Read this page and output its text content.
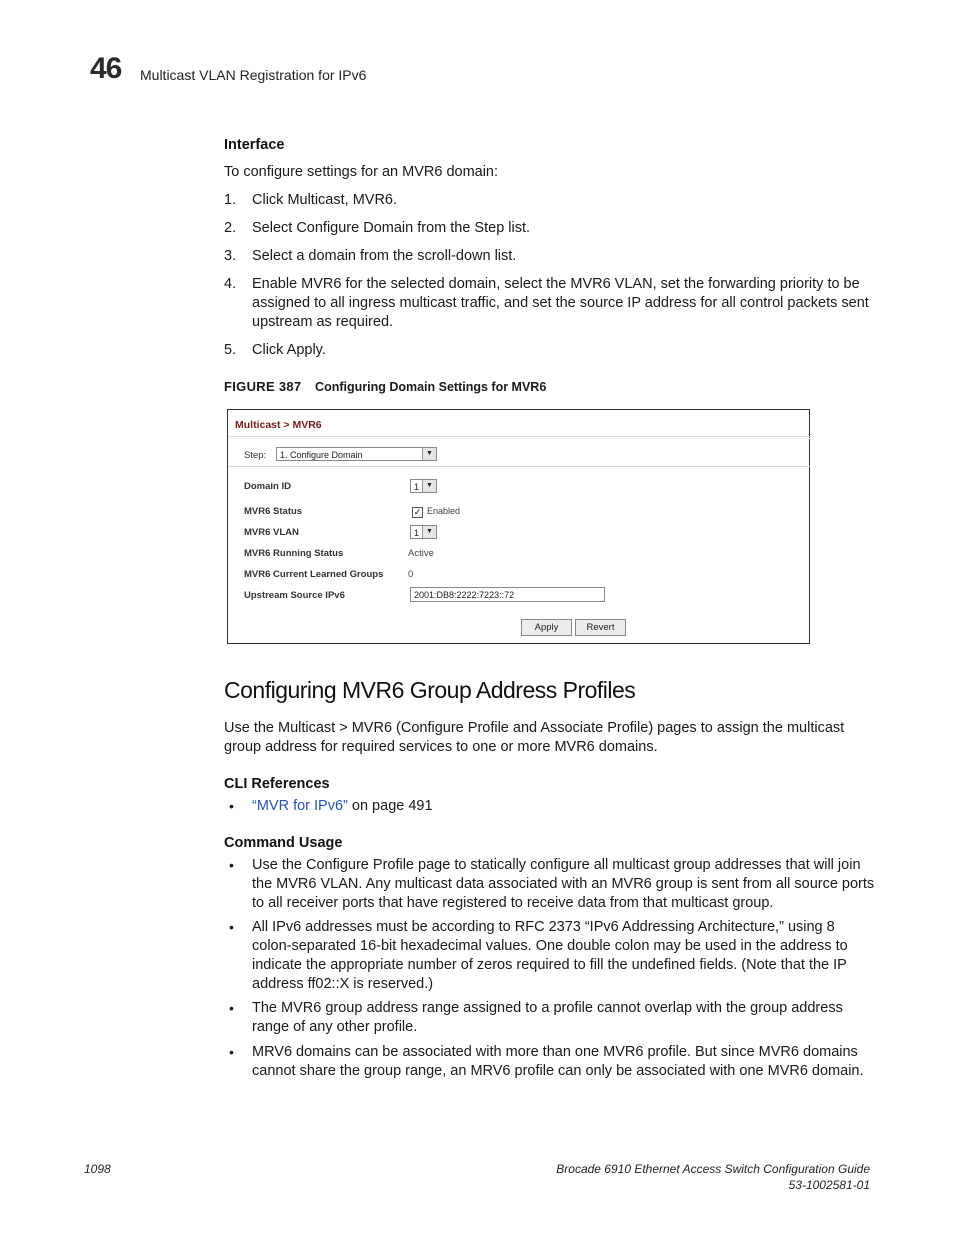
46 Multicast VLAN Registration for IPv6
Interface
To configure settings for an MVR6 domain:
1. Click Multicast, MVR6.
2. Select Configure Domain from the Step list.
3. Select a domain from the scroll-down list.
4. Enable MVR6 for the selected domain, select the MVR6 VLAN, set the forwarding priority to be assigned to all ingress multicast traffic, and set the source IP address for all control packets sent upstream as required.
5. Click Apply.
FIGURE 387 Configuring Domain Settings for MVR6
Multicast > MVR6
Step:	1. Configure Domain	▼
Domain ID	1	▼
MVR6 Status	✓ Enabled
MVR6 VLAN	1	▼
MVR6 Running Status	Active
MVR6 Current Learned Groups	0
Upstream Source IPv6	2001:DB8:2222:7223::72
Apply	Revert
Configuring MVR6 Group Address Profiles
Use the Multicast > MVR6 (Configure Profile and Associate Profile) pages to assign the multicast group address for required services to one or more MVR6 domains.
CLI References
• “MVR for IPv6” on page 491
Command Usage
• Use the Configure Profile page to statically configure all multicast group addresses that will join the MVR6 VLAN. Any multicast data associated with an MVR6 group is sent from all source ports to all receiver ports that have registered to receive data from that multicast group.
• All IPv6 addresses must be according to RFC 2373 “IPv6 Addressing Architecture,” using 8 colon-separated 16-bit hexadecimal values. One double colon may be used in the address to indicate the appropriate number of zeros required to fill the undefined fields. (Note that the IP address ff02::X is reserved.)
• The MVR6 group address range assigned to a profile cannot overlap with the group address range of any other profile.
• MRV6 domains can be associated with more than one MVR6 profile. But since MVR6 domains cannot share the group range, an MRV6 profile can only be associated with one MVR6 domain.
1098	Brocade 6910 Ethernet Access Switch Configuration Guide
53-1002581-01
